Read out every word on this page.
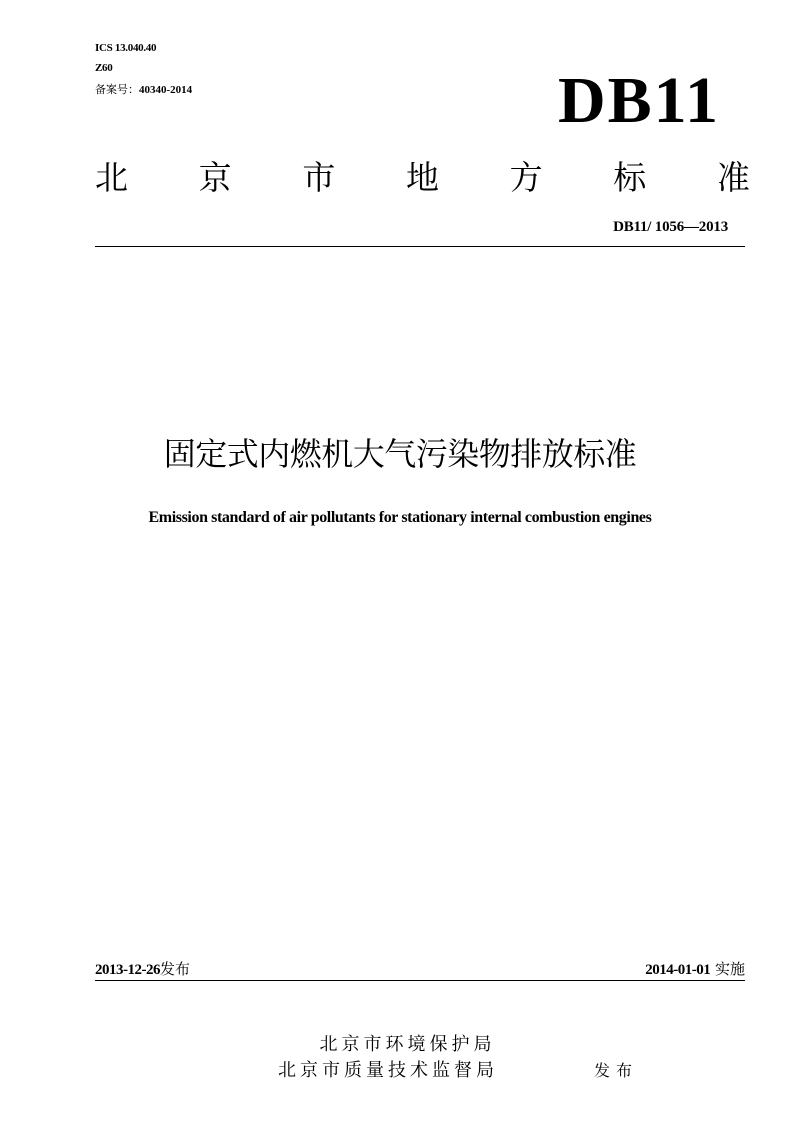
ICS 13.040.40
Z60
备案号：40340-2014	DB11
北 京 市 地 方 标 准
DB11/ 1056—2013
固定式内燃机大气污染物排放标准
Emission standard of air pollutants for stationary internal combustion engines
2013-12-26发布	2014-01-01 实施
北京市环境保护局
北京市质量技术监督局	发布
